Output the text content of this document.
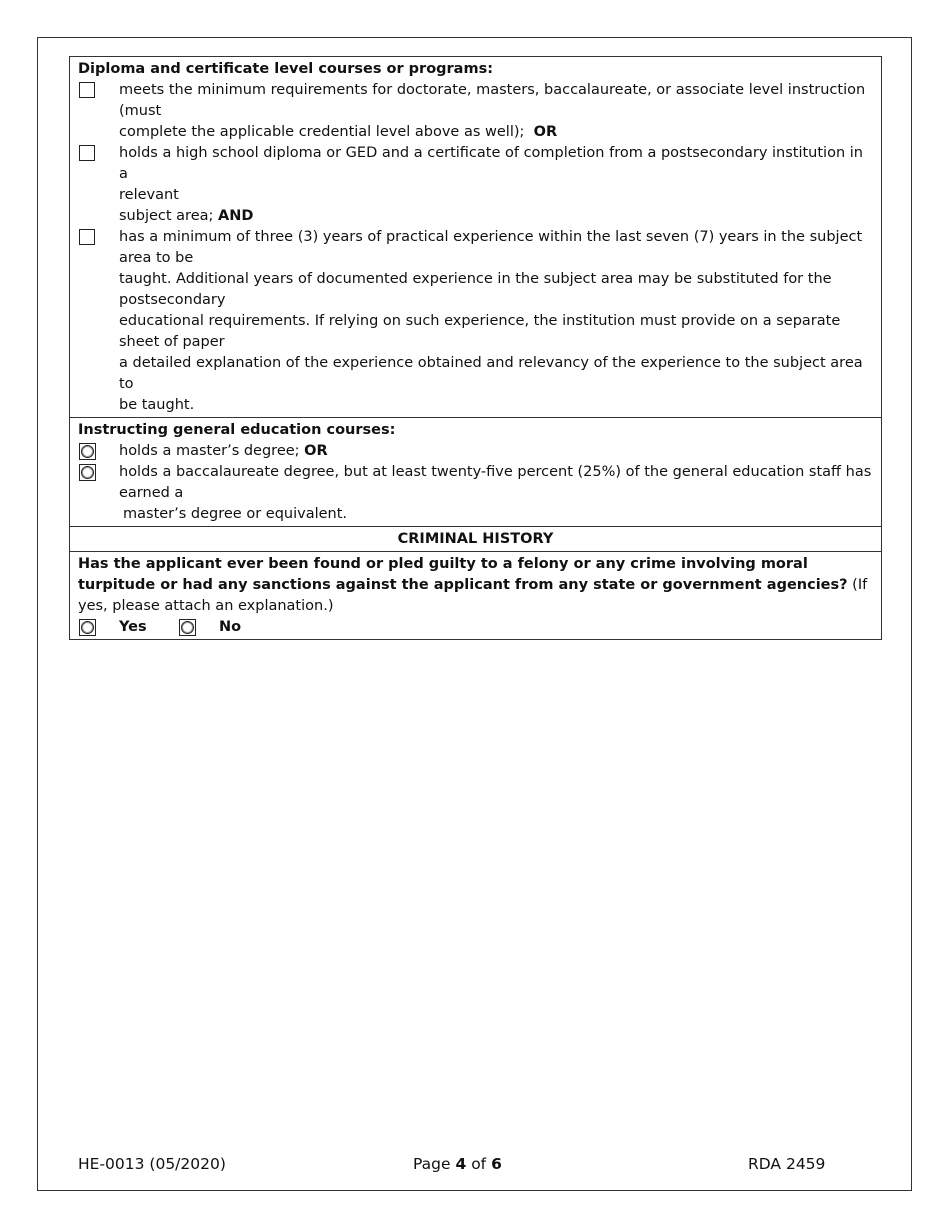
Diploma and certificate level courses or programs:
meets the minimum requirements for doctorate, masters, baccalaureate, or associate level instruction
(must
complete the applicable credential level above as well); OR
holds a high school diploma or GED and a certificate of completion from a postsecondary institution in a
relevant
subject area; AND
has a minimum of three (3) years of practical experience within the last seven (7) years in the subject
area to be
taught. Additional years of documented experience in the subject area may be substituted for the
postsecondary
educational requirements. If relying on such experience, the institution must provide on a separate
sheet of paper
a detailed explanation of the experience obtained and relevancy of the experience to the subject area to
be taught.
Instructing general education courses:
holds a master’s degree; OR
holds a baccalaureate degree, but at least twenty-five percent (25%) of the general education staff has
earned a
master’s degree or equivalent.
CRIMINAL HISTORY
Has the applicant ever been found or pled guilty to a felony or any crime involving moral turpitude or had any sanctions against the applicant from any state or government agencies? (If yes, please attach an explanation.)
Yes	No
HE-0013 (05/2020)	Page 4 of 6	RDA 2459
